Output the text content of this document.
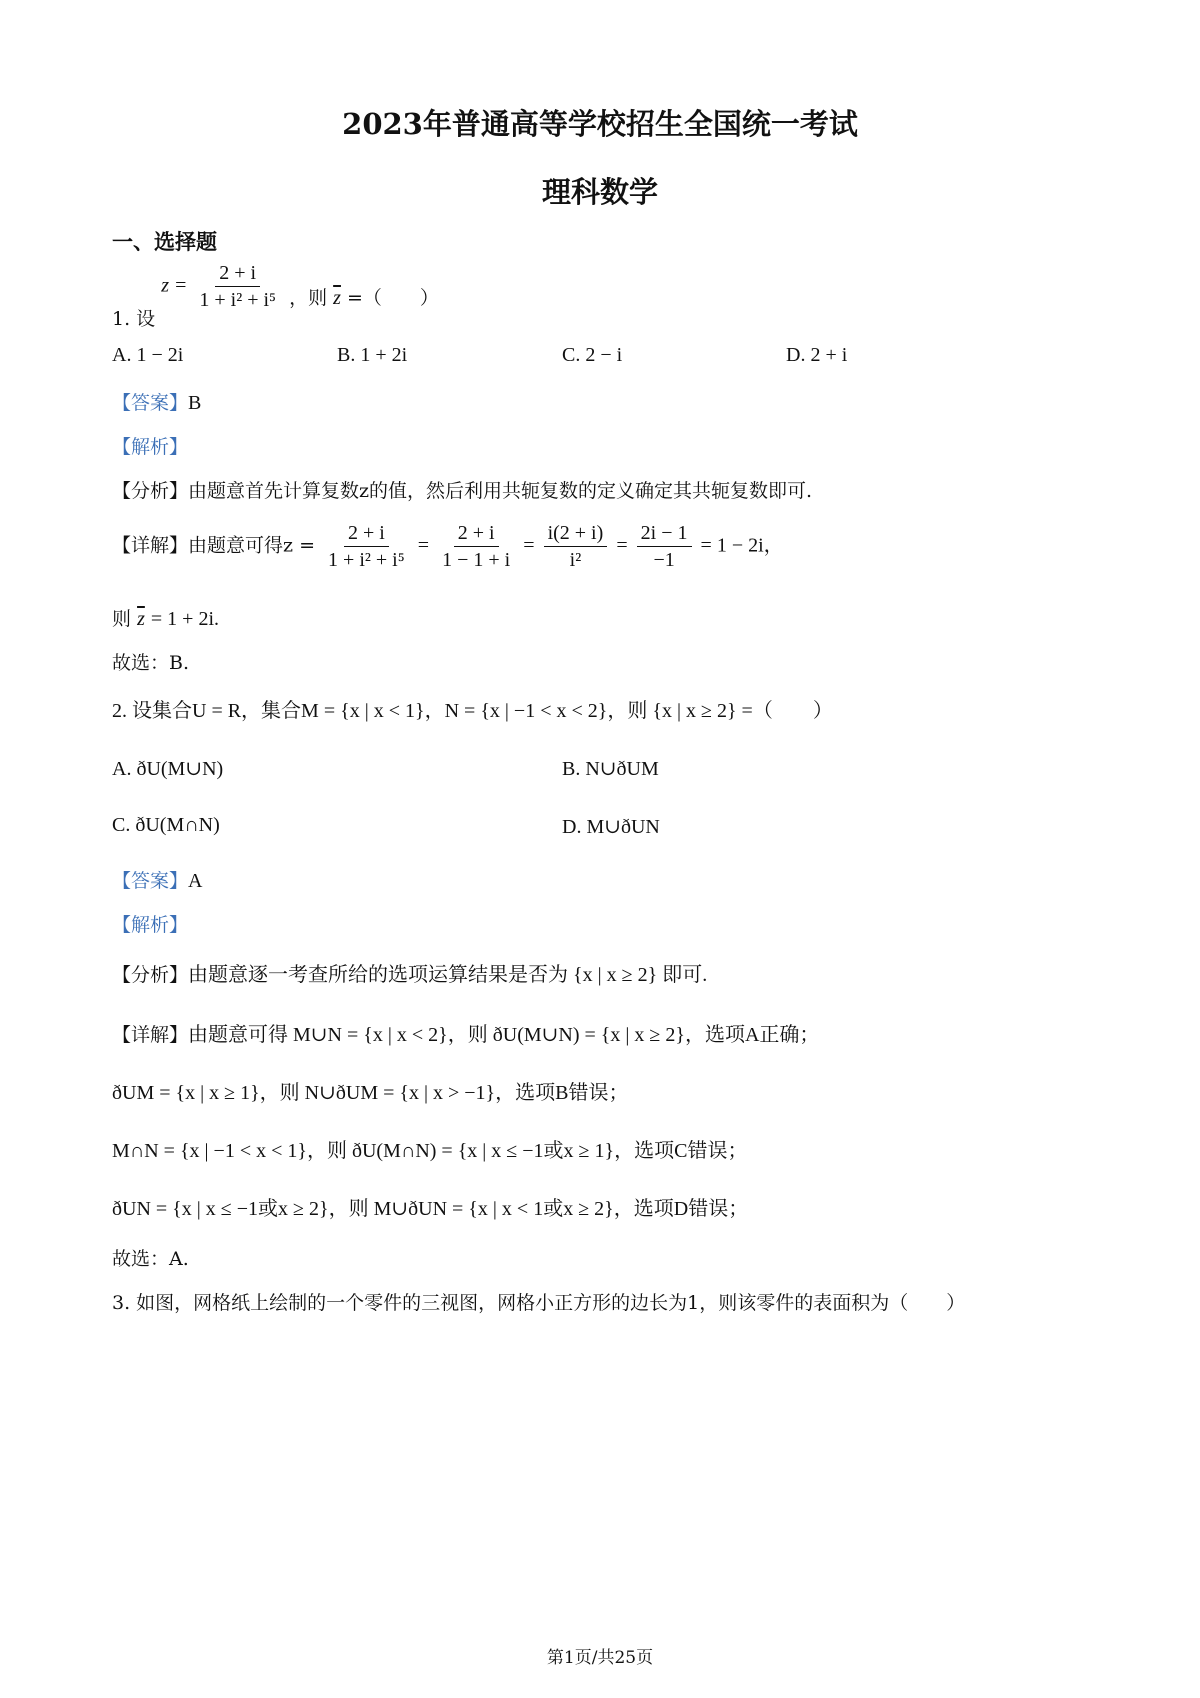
2023年普通高等学校招生全国统一考试
理科数学
一、选择题
1. 设 $z = \frac{2 + i}{\text{1 + i² + i⁵}}$ ，则 $\overline{z}$ =（　　）
A. 1 − 2i	B. 1 + 2i	C. 2 − i	D. 2 + i
【答案】B
【解析】
【分析】由题意首先计算复数z的值，然后利用共轭复数的定义确定其共轭复数即可.
【详解】由题意可得$z = \frac{2 + i}{\text{1 + i² + i⁵}} = \frac{2 + i}{1 - 1 + i} = \frac{i(2 + i)}{\text{i²}} = \frac{2i - 1}{-1} = 1 - 2i$，
则 $\overline{z} = 1 + 2i$.
故选：B.
2. 设集合U = R，集合M = {x | x < 1}，N = {x | −1 < x < 2}，则 {x | x ≥ 2} =（　　）
A. ðU(M∪N)	B. N∪ðUM
C. ðU(M∩N)	D. M∪ðUN
【答案】A
【解析】
【分析】由题意逐一考查所给的选项运算结果是否为 {x | x ≥ 2} 即可.
【详解】由题意可得 M∪N = {x | x < 2}，则 ðU(M∪N) = {x | x ≥ 2}，选项A正确；
ðUM = {x | x ≥ 1}，则 N∪ðUM = {x | x > −1}，选项B错误；
M∩N = {x | −1 < x < 1}，则 ðU(M∩N) = {x | x ≤ −1或x ≥ 1}，选项C错误；
ðUN = {x | x ≤ −1或x ≥ 2}，则 M∪ðUN = {x | x < 1或x ≥ 2}，选项D错误；
故选：A.
3. 如图，网格纸上绘制的一个零件的三视图，网格小正方形的边长为1，则该零件的表面积为（　　）
第1页/共25页
